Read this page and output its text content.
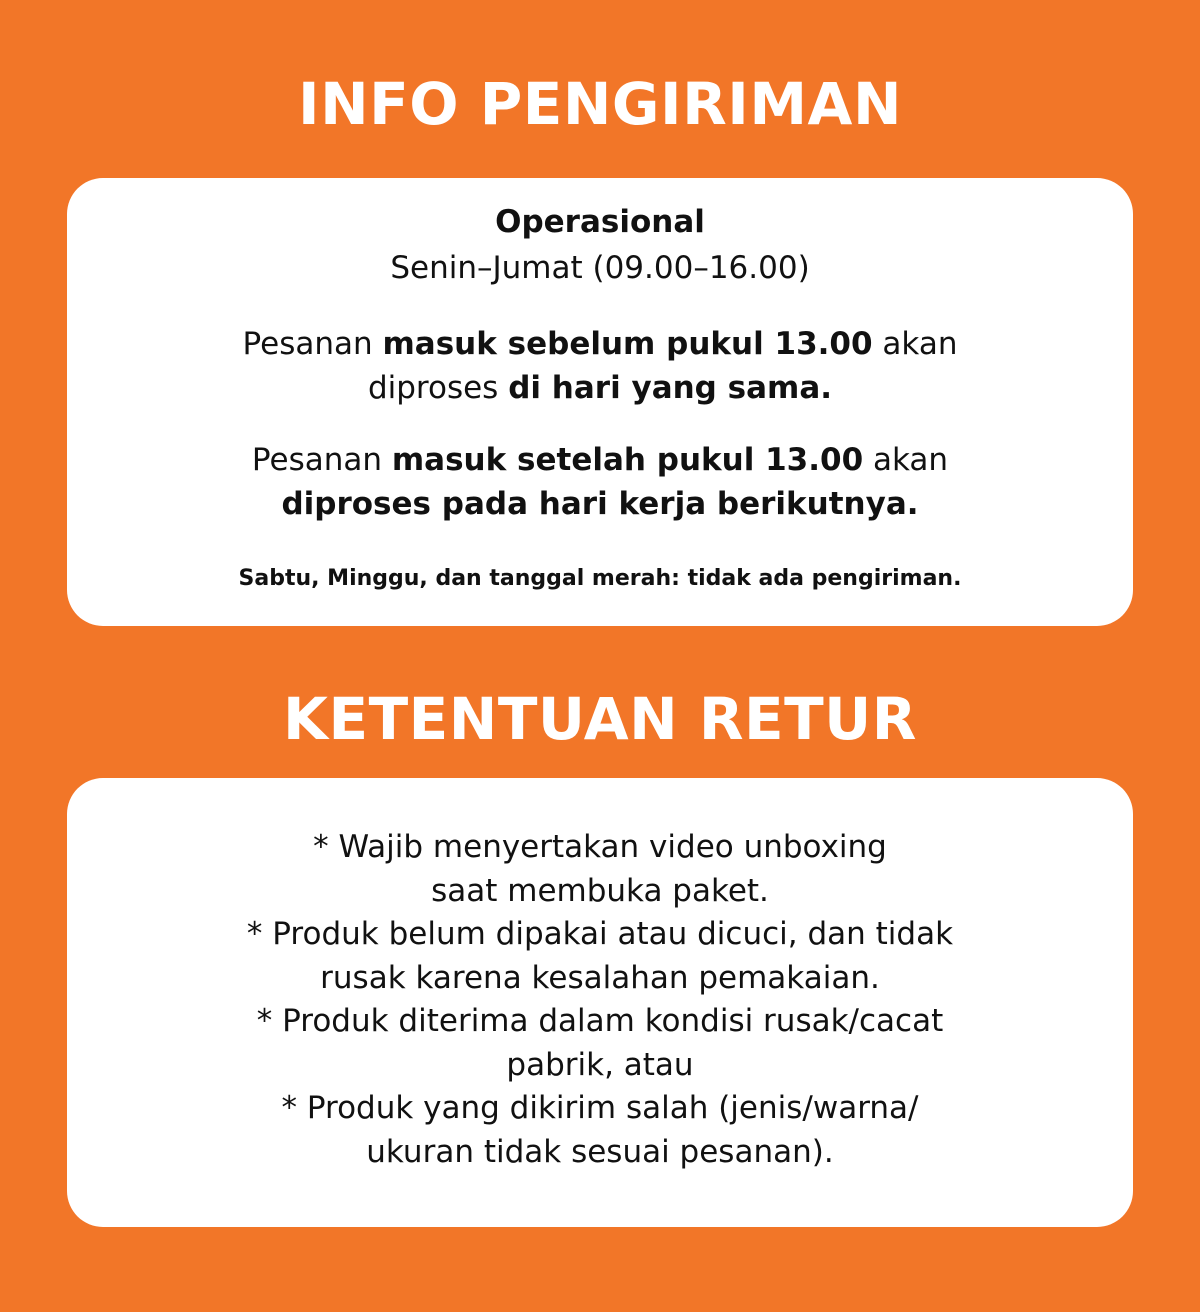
INFO PENGIRIMAN
Operasional
Senin–Jumat (09.00–16.00)
Pesanan masuk sebelum pukul 13.00 akan
diproses di hari yang sama.
Pesanan masuk setelah pukul 13.00 akan
diproses pada hari kerja berikutnya.
Sabtu, Minggu, dan tanggal merah: tidak ada pengiriman.
KETENTUAN RETUR
* Wajib menyertakan video unboxing
saat membuka paket.
* Produk belum dipakai atau dicuci, dan tidak
rusak karena kesalahan pemakaian.
* Produk diterima dalam kondisi rusak/cacat
pabrik, atau
* Produk yang dikirim salah (jenis/warna/
ukuran tidak sesuai pesanan).
